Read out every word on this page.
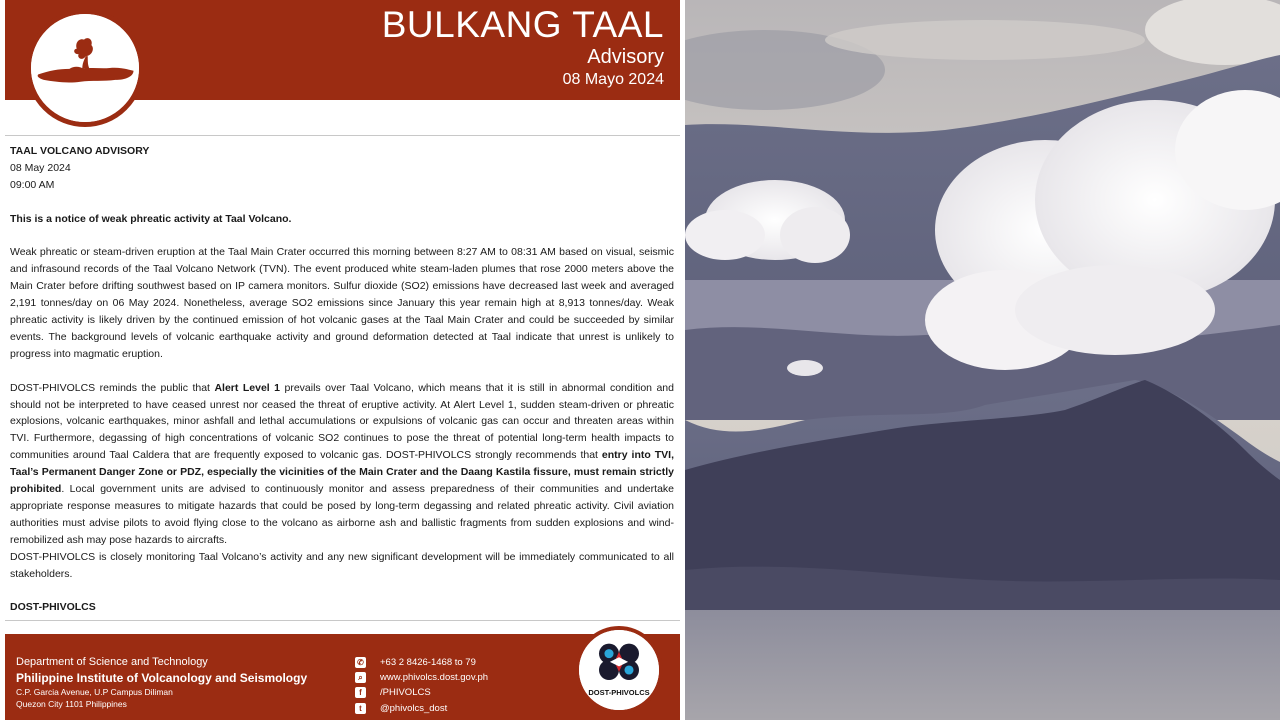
BULKANG TAAL
Advisory
08 Mayo 2024
TAAL VOLCANO ADVISORY
08 May 2024
09:00 AM
This is a notice of weak phreatic activity at Taal Volcano.

Weak phreatic or steam-driven eruption at the Taal Main Crater occurred this morning between 8:27 AM to 08:31 AM based on visual, seismic and infrasound records of the Taal Volcano Network (TVN). The event produced white steam-laden plumes that rose 2000 meters above the Main Crater before drifting southwest based on IP camera monitors. Sulfur dioxide (SO2) emissions have decreased last week and averaged 2,191 tonnes/day on 06 May 2024. Nonetheless, average SO2 emissions since January this year remain high at 8,913 tonnes/day. Weak phreatic activity is likely driven by the continued emission of hot volcanic gases at the Taal Main Crater and could be succeeded by similar events. The background levels of volcanic earthquake activity and ground deformation detected at Taal indicate that unrest is unlikely to progress into magmatic eruption.

DOST-PHIVOLCS reminds the public that Alert Level 1 prevails over Taal Volcano, which means that it is still in abnormal condition and should not be interpreted to have ceased unrest nor ceased the threat of eruptive activity. At Alert Level 1, sudden steam-driven or phreatic explosions, volcanic earthquakes, minor ashfall and lethal accumulations or expulsions of volcanic gas can occur and threaten areas within TVI. Furthermore, degassing of high concentrations of volcanic SO2 continues to pose the threat of potential long-term health impacts to communities around Taal Caldera that are frequently exposed to volcanic gas. DOST-PHIVOLCS strongly recommends that entry into TVI, Taal’s Permanent Danger Zone or PDZ, especially the vicinities of the Main Crater and the Daang Kastila fissure, must remain strictly prohibited. Local government units are advised to continuously monitor and assess preparedness of their communities and undertake appropriate response measures to mitigate hazards that could be posed by long-term degassing and related phreatic activity. Civil aviation authorities must advise pilots to avoid flying close to the volcano as airborne ash and ballistic fragments from sudden explosions and wind-remobilized ash may pose hazards to aircrafts.

DOST-PHIVOLCS is closely monitoring Taal Volcano’s activity and any new significant development will be immediately communicated to all stakeholders.

DOST-PHIVOLCS
Department of Science and Technology
Philippine Institute of Volcanology and Seismology
C.P. Garcia Avenue, U.P Campus Diliman
Quezon City 1101 Philippines
✆ +63 2 8426-1468 to 79
⌕	www.phivolcs.dost.gov.ph
f	/PHIVOLCS
t	@phivolcs_dost
DOST-PHIVOLCS
